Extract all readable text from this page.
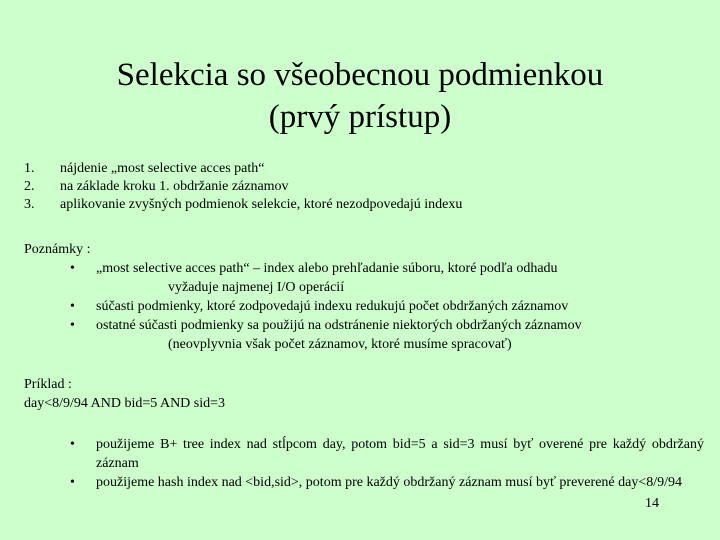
Selekcia so všeobecnou podmienkou
(prvý prístup)
1.	nájdenie „most selective acces path“
2.	na základe kroku 1. obdržanie záznamov
3.	aplikovanie zvyšných podmienok selekcie, ktoré nezodpovedajú indexu
Poznámky :
•	„most selective acces path“ – index alebo prehľadanie súboru, ktoré podľa odhadu

vyžaduje najmenej I/O operácií
•	súčasti podmienky, ktoré zodpovedajú indexu redukujú počet obdržaných záznamov
•	ostatné súčasti podmienky sa použijú na odstránenie niektorých obdržaných záznamov

(neovplyvnia však počet záznamov, ktoré musíme spracovať)
Príklad :
day<8/9/94 AND bid=5 AND sid=3
•	použijeme B+ tree index nad stĺpcom day, potom bid=5 a sid=3 musí byť overené pre každý obdržaný záznam
•	použijeme hash index nad <bid,sid>, potom pre každý obdržaný záznam musí byť preverené day<8/9/94
14
